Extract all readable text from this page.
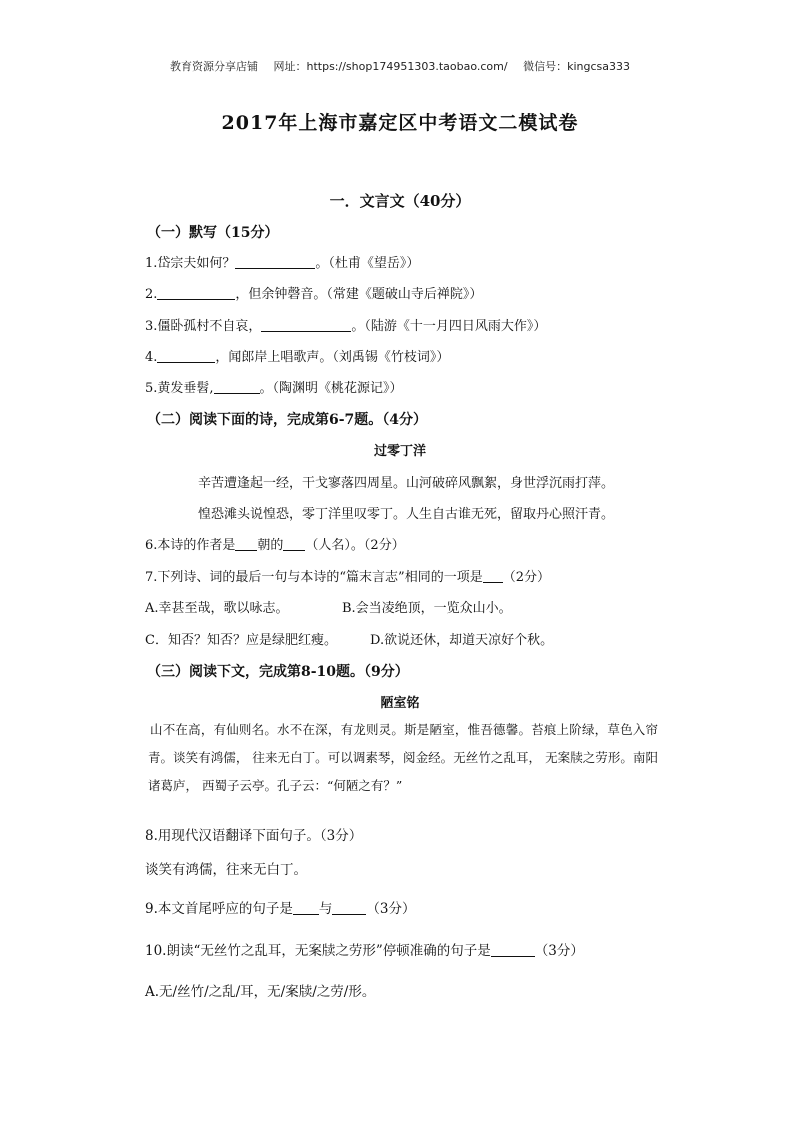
教育资源分享店铺 网址：https://shop174951303.taobao.com/ 微信号：kingcsa333
2017年上海市嘉定区中考语文二模试卷
一．文言文（40分）
（一）默写（15分）
1.岱宗夫如何？	。（杜甫《望岳》）
2.	，但余钟磬音。（常建《题破山寺后禅院》）
3.僵卧孤村不自哀，	。（陆游《十一月四日风雨大作》）
4.	，闻郎岸上唱歌声。（刘禹锡《竹枝词》）
5.黄发垂髫,	。（陶渊明《桃花源记》）
（二）阅读下面的诗，完成第6-7题。（4分）
过零丁洋
辛苦遭逢起一经，干戈寥落四周星。山河破碎风飘絮，身世浮沉雨打萍。
惶恐滩头说惶恐，零丁洋里叹零丁。人生自古谁无死，留取丹心照汗青。
6.本诗的作者是 朝的 （人名）。（2分）
7.下列诗、词的最后一句与本诗的“篇末言志”相同的一项是 （2分）
A.幸甚至哉，歌以咏志。	B.会当凌绝顶，一览众山小。
C．知否？知否？应是绿肥红瘦。	D.欲说还休，却道天凉好个秋。
（三）阅读下文，完成第8-10题。（9分）
陋室铭
山不在高，有仙则名。水不在深，有龙则灵。斯是陋室，惟吾德馨。苔痕上阶绿，草色入帘青。谈笑有鸿儒， 往来无白丁。可以调素琴，阅金经。无丝竹之乱耳， 无案牍之劳形。南阳诸葛庐， 西蜀子云亭。孔子云：“何陋之有？”
8.用现代汉语翻译下面句子。（3分）
谈笑有鸿儒，往来无白丁。
9.本文首尾呼应的句子是 与	（3分）
10.朗读“无丝竹之乱耳，无案牍之劳形”停顿准确的句子是	（3分）
A.无/丝竹/之乱/耳，无/案牍/之劳/形。
